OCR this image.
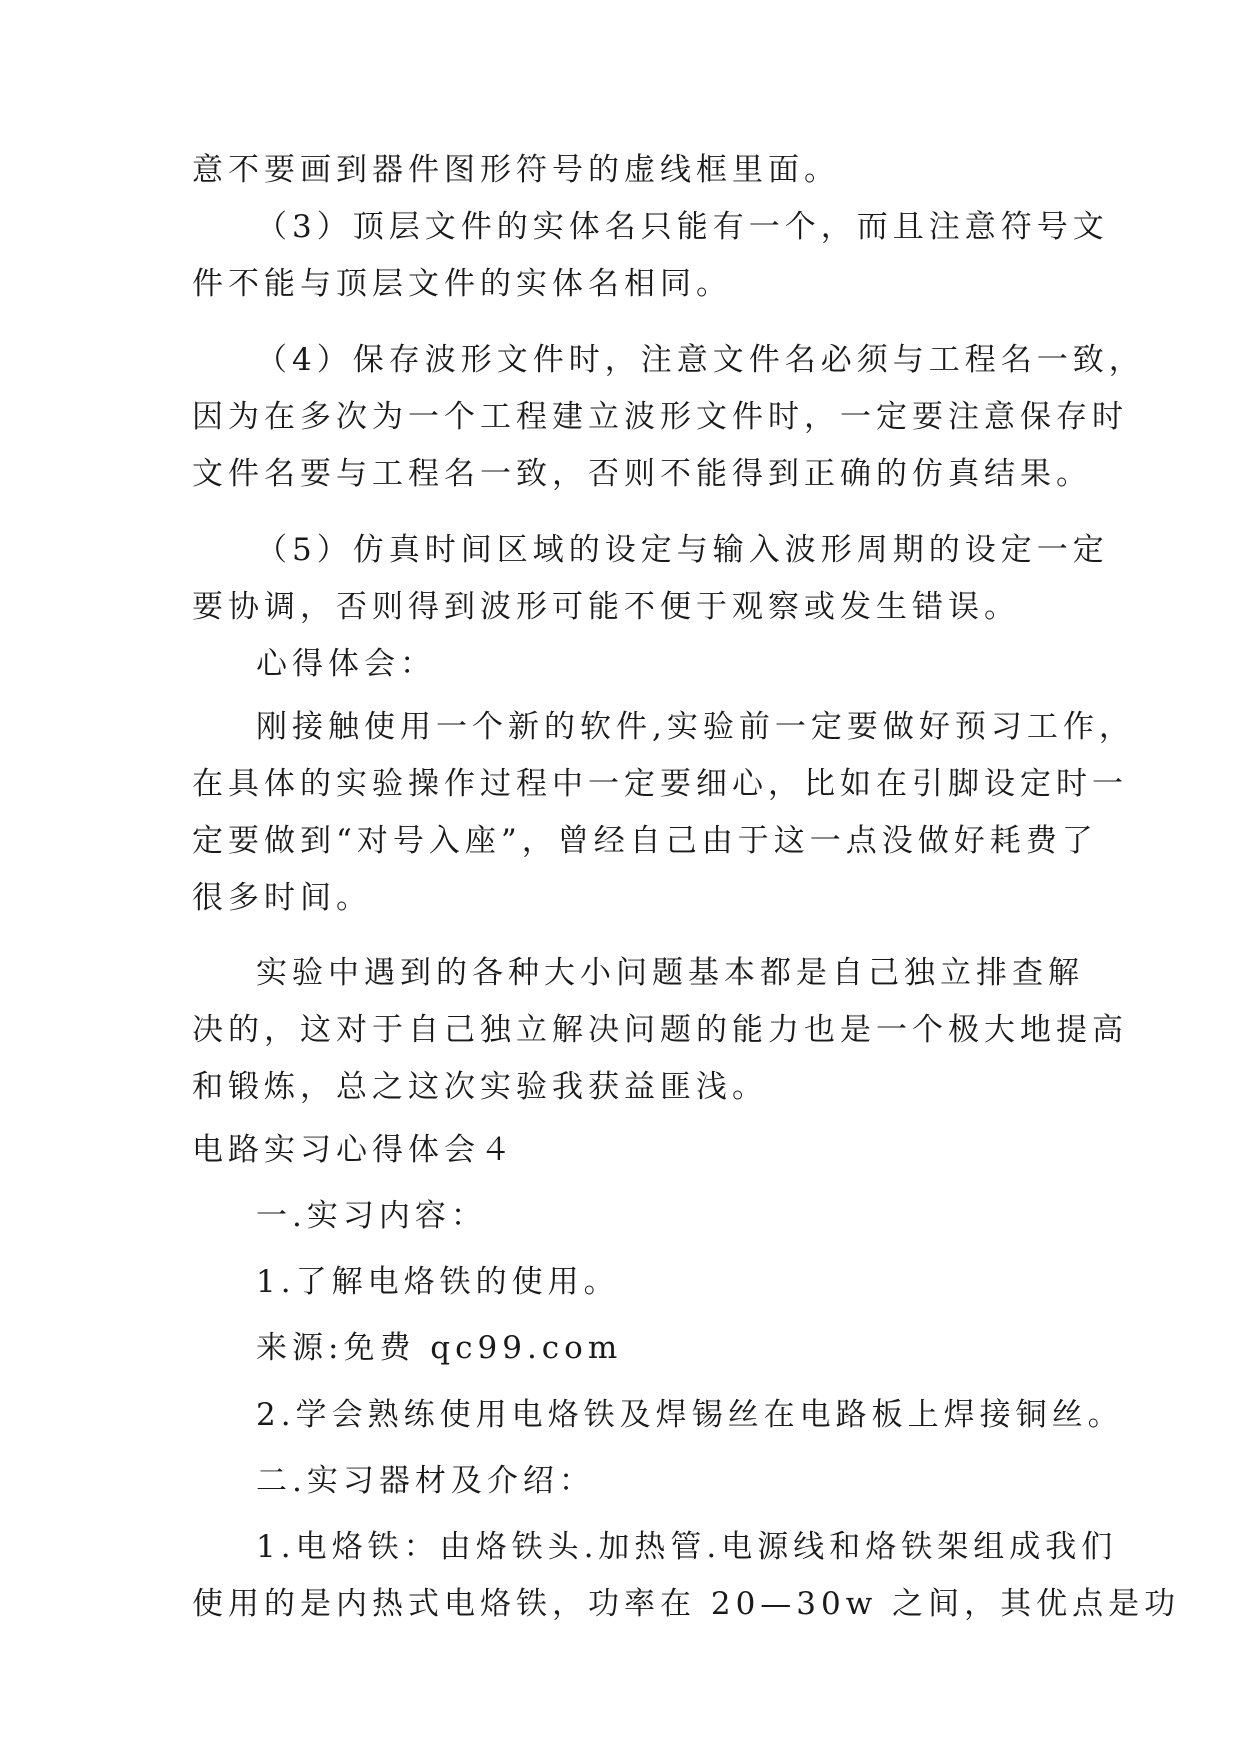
意不要画到器件图形符号的虚线框里面。
（3）顶层文件的实体名只能有一个，而且注意符号文
件不能与顶层文件的实体名相同。
（4）保存波形文件时，注意文件名必须与工程名一致，
因为在多次为一个工程建立波形文件时，一定要注意保存时
文件名要与工程名一致，否则不能得到正确的仿真结果。
（5）仿真时间区域的设定与输入波形周期的设定一定
要协调，否则得到波形可能不便于观察或发生错误。
心得体会：
刚接触使用一个新的软件,实验前一定要做好预习工作，
在具体的实验操作过程中一定要细心，比如在引脚设定时一
定要做到“对号入座”，曾经自己由于这一点没做好耗费了
很多时间。
实验中遇到的各种大小问题基本都是自己独立排查解
决的，这对于自己独立解决问题的能力也是一个极大地提高
和锻炼，总之这次实验我获益匪浅。
电路实习心得体会４
一.实习内容：
1.了解电烙铁的使用。
来源:免费 qc99.com
2.学会熟练使用电烙铁及焊锡丝在电路板上焊接铜丝。
二.实习器材及介绍：
1.电烙铁：由烙铁头.加热管.电源线和烙铁架组成我们
使用的是内热式电烙铁，功率在 20—30w 之间，其优点是功
